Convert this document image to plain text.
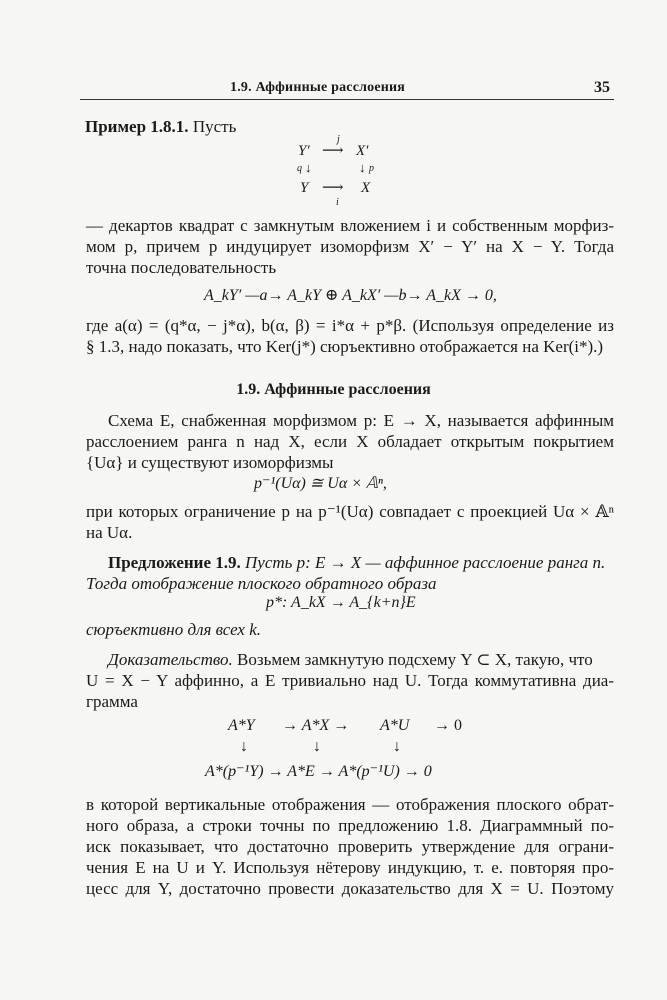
1.9. Аффинные расслоения	35
Пример 1.8.1. Пусть
j
Y′ ⟶ X′
q ↓	↓ p
Y ⟶ X
i
— декартов квадрат с замкнутым вложением i и собственным морфиз-
мом p, причем p индуцирует изоморфизм X′ − Y′ на X − Y. Тогда
точна последовательность
A_kY′ —a→ A_kY ⊕ A_kX′ —b→ A_kX → 0,
где a(α) = (q*α, − j*α), b(α, β) = i*α + p*β. (Используя определение из
§ 1.3, надо показать, что Ker(j*) сюръективно отображается на Ker(i*).)
1.9. Аффинные расслоения
Схема E, снабженная морфизмом p: E → X, называется аффинным
расслоением ранга n над X, если X обладает открытым покрытием
{Uα} и существуют изоморфизмы
p⁻¹(Uα) ≅ Uα × 𝔸ⁿ,
при которых ограничение p на p⁻¹(Uα) совпадает с проекцией Uα × 𝔸ⁿ
на Uα.
Предложение 1.9. Пусть p: E → X — аффинное расслоение ранга n.
Тогда отображение плоского обратного образа
p*: A_kX → A_{k+n}E
сюръективно для всех k.
Доказательство. Возьмем замкнутую подсхему Y ⊂ X, такую, что
U = X − Y аффинно, а E тривиально над U. Тогда коммутативна диа-
грамма
A*Y → A*X → A*U → 0
↓	↓	↓
A*(p⁻¹Y) → A*E → A*(p⁻¹U) → 0
в которой вертикальные отображения — отображения плоского обрат-
ного образа, а строки точны по предложению 1.8. Диаграммный по-
иск показывает, что достаточно проверить утверждение для ограни-
чения E на U и Y. Используя нётерову индукцию, т. е. повторяя про-
цесс для Y, достаточно провести доказательство для X = U. Поэтому
